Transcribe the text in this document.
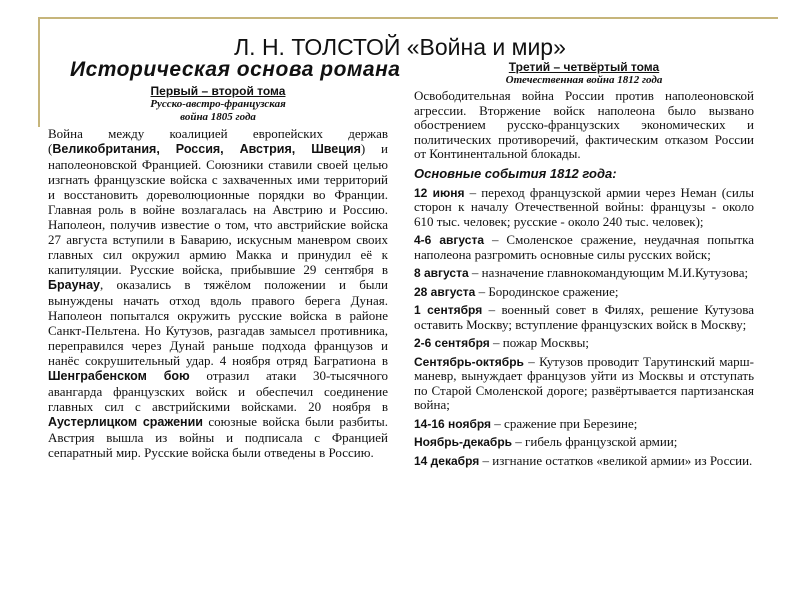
Л. Н. ТОЛСТОЙ «Война и мир»
Историческая основа романа
Первый – второй тома
Русско-австро-французская
война 1805 года
Война между коалицией европейских держав (Великобритания, Россия, Австрия, Швеция) и наполеоновской Францией. Союзники ставили своей целью изгнать французские войска с захваченных ими территорий и восстановить дореволюционные порядки во Франции. Главная роль в войне возлагалась на Австрию и Россию. Наполеон, получив известие о том, что австрийские войска 27 августа вступили в Баварию, искусным маневром своих главных сил окружил армию Макка и принудил её к капитуляции. Русские войска, прибывшие 29 сентября в Браунау, оказались в тяжёлом положении и были вынуждены начать отход вдоль правого берега Дуная. Наполеон попытался окружить русские войска в районе Санкт-Пельтена. Но Кутузов, разгадав замысел противника, переправился через Дунай раньше подхода французов и нанёс сокрушительный удар. 4 ноября отряд Багратиона в Шенграбенском бою отразил атаки 30-тысячного авангарда французских войск и обеспечил соединение главных сил с австрийскими войсками. 20 ноября в Аустерлицком сражении союзные войска были разбиты. Австрия вышла из войны и подписала с Францией сепаратный мир. Русские войска были отведены в Россию.
Третий – четвёртый тома
Отечественная война 1812 года
Освободительная война России против наполеоновской агрессии. Вторжение войск наполеона было вызвано обострением русско-французских экономических и политических противоречий, фактическим отказом России от Континентальной блокады.
Основные события 1812 года:
12 июня – переход французской армии через Неман (силы сторон к началу Отечественной войны: французы - около 610 тыс. человек; русские - около 240 тыс. человек);
4-6 августа – Смоленское сражение, неудачная попытка наполеона разгромить основные силы русских войск;
8 августа – назначение главнокомандующим М.И.Кутузова;
28 августа – Бородинское сражение;
1 сентября – военный совет в Филях, решение Кутузова оставить Москву; вступление французских войск в Москву;
2-6 сентября – пожар Москвы;
Сентябрь-октябрь – Кутузов проводит Тарутинский марш-маневр, вынуждает французов уйти из Москвы и отступать по Старой Смоленской дороге; развёртывается партизанская война;
14-16 ноября – сражение при Березине;
Ноябрь-декабрь – гибель французской армии;
14 декабря – изгнание остатков «великой армии» из России.
